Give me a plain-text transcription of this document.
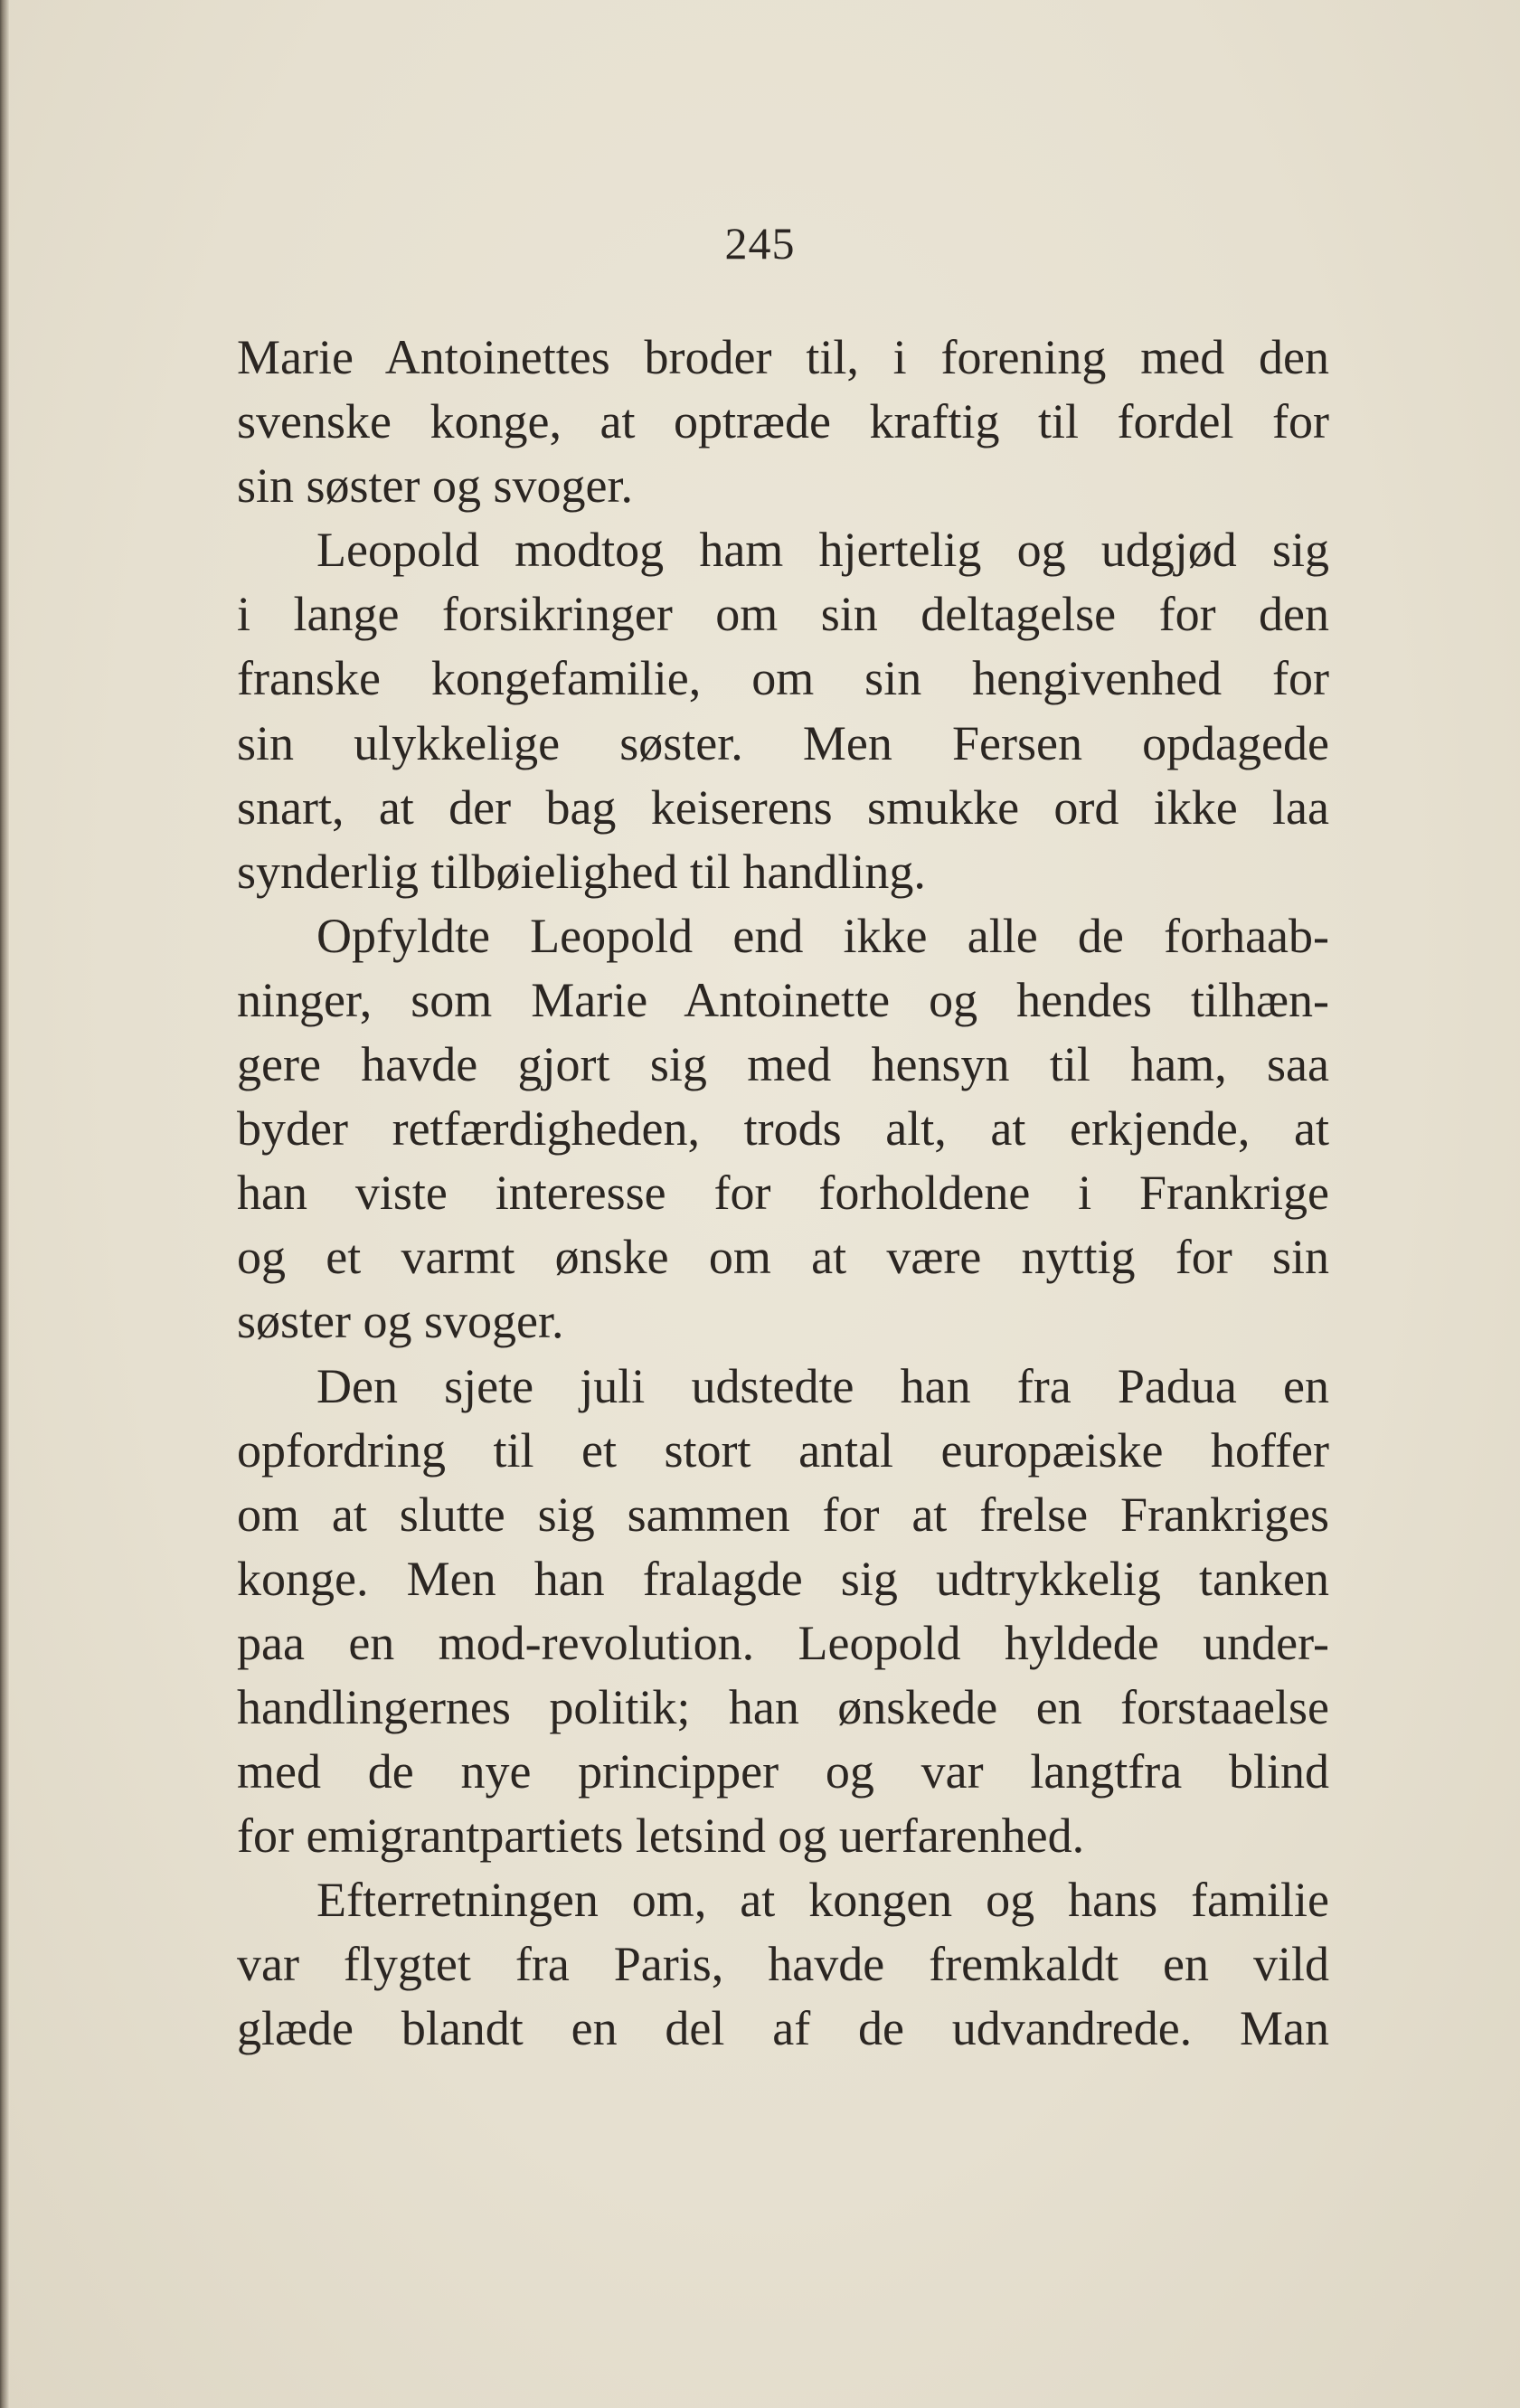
245
Marie Antoinettes broder til, i forening med den
svenske konge, at optræde kraftig til fordel for
sin søster og svoger.
Leopold modtog ham hjertelig og udgjød sig
i lange forsikringer om sin deltagelse for den
franske kongefamilie, om sin hengivenhed for
sin ulykkelige søster. Men Fersen opdagede
snart, at der bag keiserens smukke ord ikke laa
synderlig tilbøielighed til handling.
Opfyldte Leopold end ikke alle de forhaab-
ninger, som Marie Antoinette og hendes tilhæn-
gere havde gjort sig med hensyn til ham, saa
byder retfærdigheden, trods alt, at erkjende, at
han viste interesse for forholdene i Frankrige
og et varmt ønske om at være nyttig for sin
søster og svoger.
Den sjete juli udstedte han fra Padua en
opfordring til et stort antal europæiske hoffer
om at slutte sig sammen for at frelse Frankriges
konge. Men han fralagde sig udtrykkelig tanken
paa en mod-revolution. Leopold hyldede under-
handlingernes politik; han ønskede en forstaaelse
med de nye principper og var langtfra blind
for emigrantpartiets letsind og uerfarenhed.
Efterretningen om, at kongen og hans familie
var flygtet fra Paris, havde fremkaldt en vild
glæde blandt en del af de udvandrede. Man
